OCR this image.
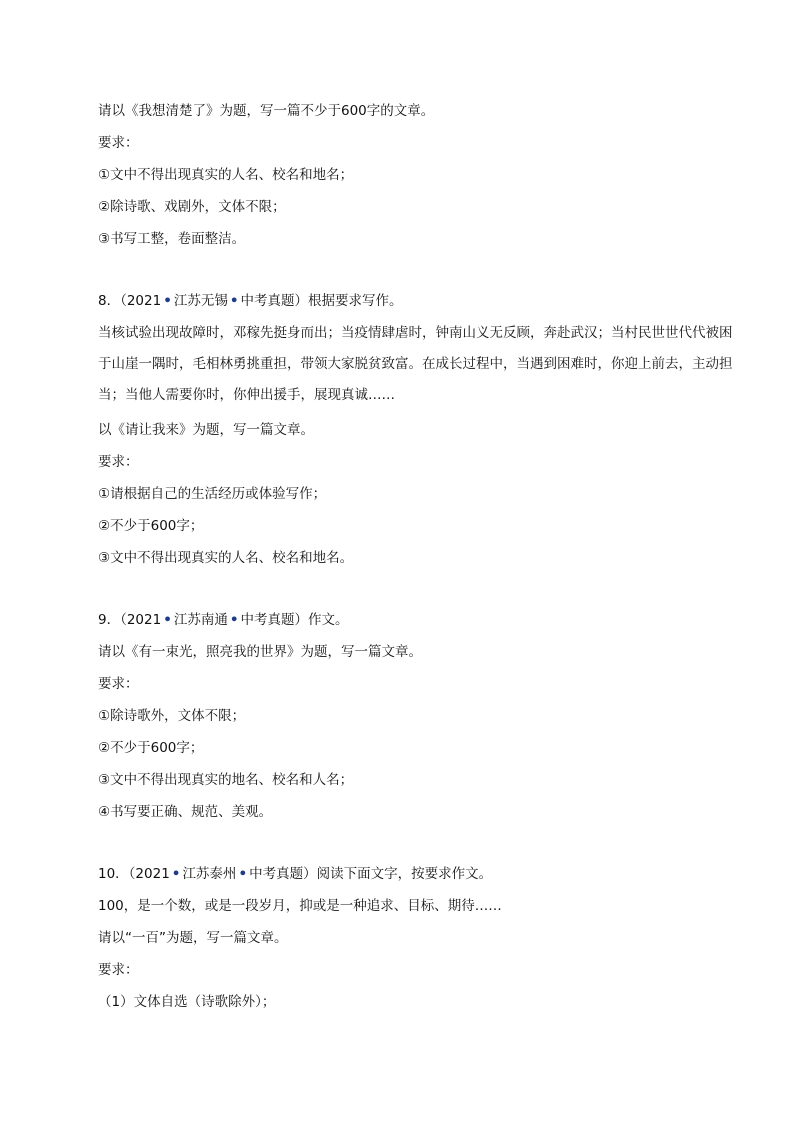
请以《我想清楚了》为题，写一篇不少于600字的文章。
要求：
①文中不得出现真实的人名、校名和地名；
②除诗歌、戏剧外，文体不限；
③书写工整，卷面整洁。
8．（2021 • 江苏无锡 • 中考真题）根据要求写作。
当核试验出现故障时，邓稼先挺身而出；当疫情肆虐时，钟南山义无反顾，奔赴武汉；当村民世世代代被困于山崖一隅时，毛相林勇挑重担，带领大家脱贫致富。在成长过程中，当遇到困难时，你迎上前去，主动担当；当他人需要你时，你伸出援手，展现真诚……
以《请让我来》为题，写一篇文章。
要求：
①请根据自己的生活经历或体验写作；
②不少于600字；
③文中不得出现真实的人名、校名和地名。
9．（2021 • 江苏南通 • 中考真题）作文。
请以《有一束光，照亮我的世界》为题，写一篇文章。
要求：
①除诗歌外，文体不限；
②不少于600字；
③文中不得出现真实的地名、校名和人名；
④书写要正确、规范、美观。
10．（2021 • 江苏泰州 • 中考真题）阅读下面文字，按要求作文。
100，是一个数，或是一段岁月，抑或是一种追求、目标、期待……
请以“一百”为题，写一篇文章。
要求：
（1）文体自选（诗歌除外）；
